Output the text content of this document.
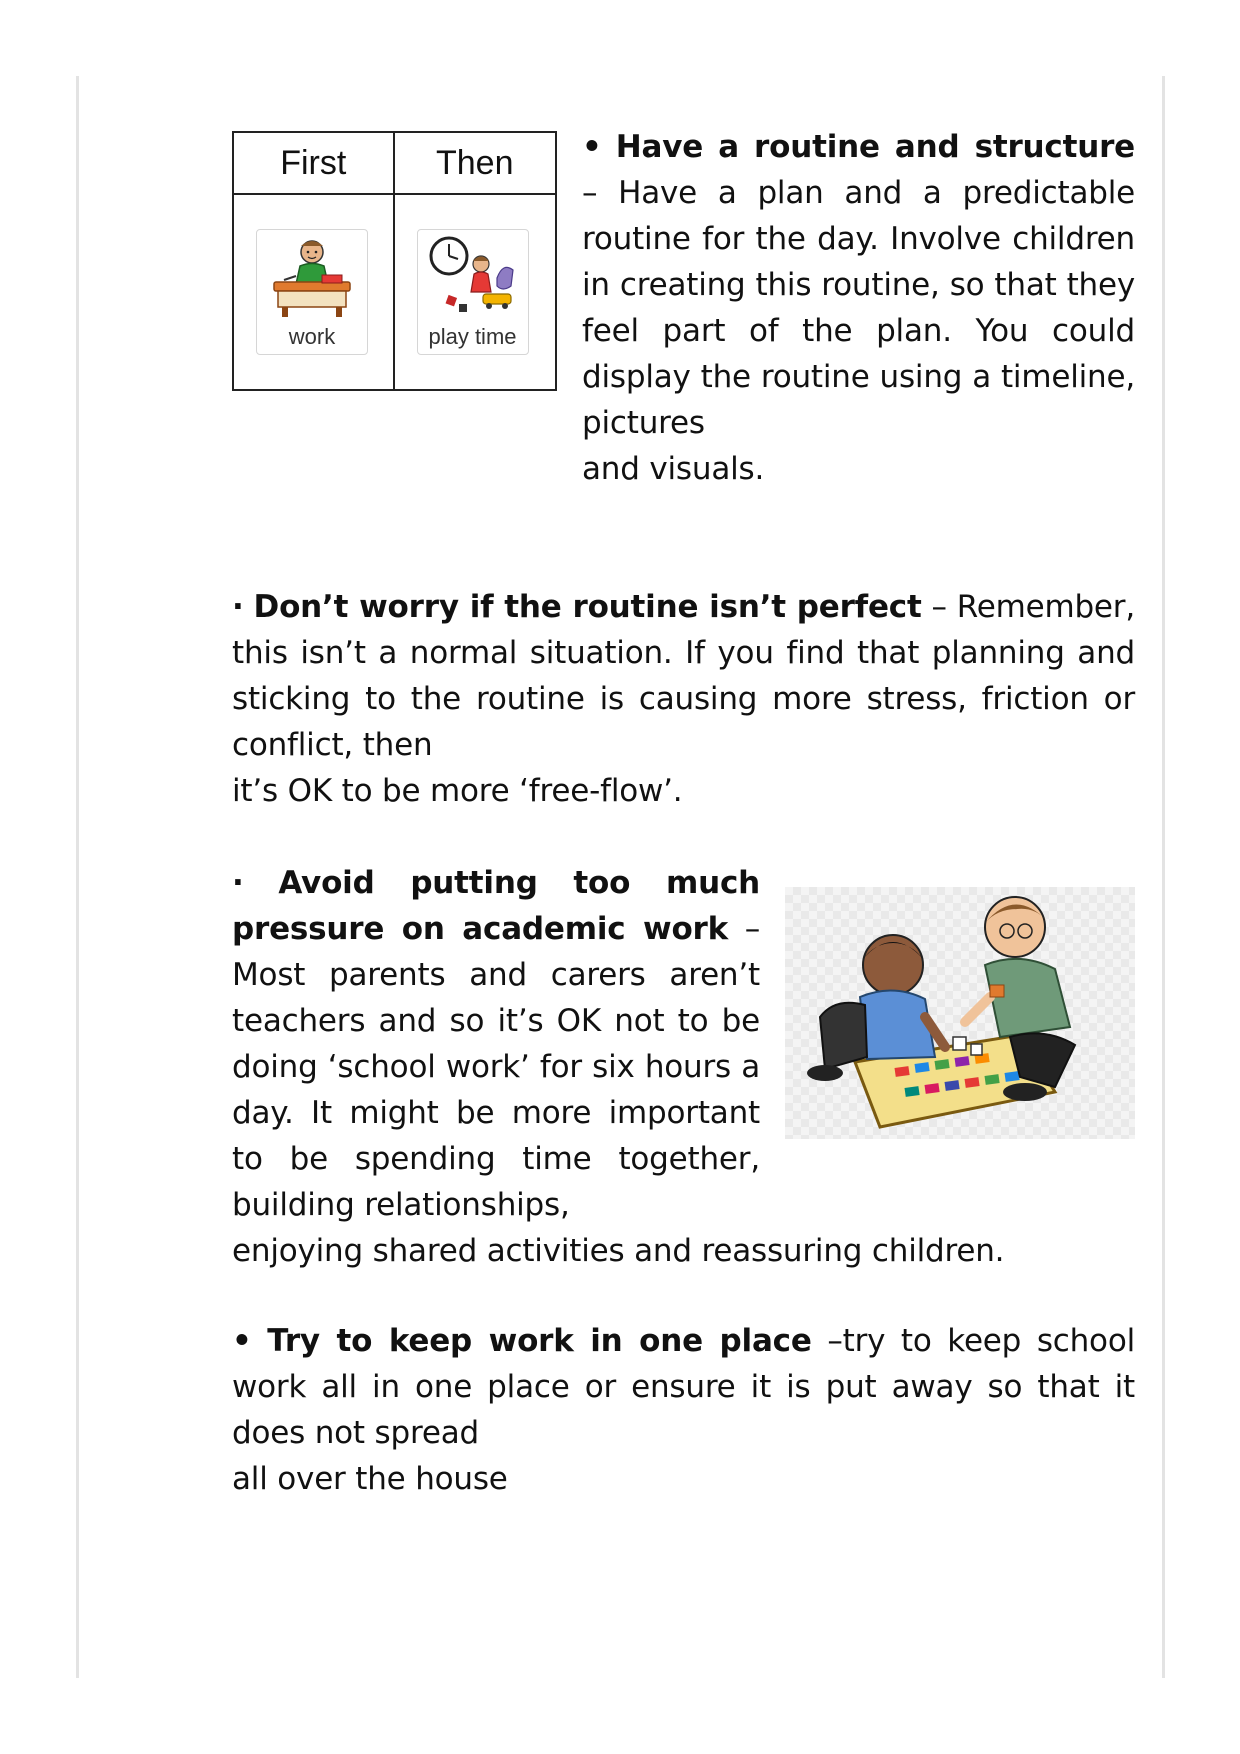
First	Then
work	play time
• Have a routine and structure – Have a plan and a predictable routine for the day. Involve children in creating this routine, so that they feel part of the plan. You could display the routine using a timeline, pictures
and visuals.
· Don’t worry if the routine isn’t perfect – Remember, this isn’t a normal situation. If you find that planning and sticking to the routine is causing more stress, friction or conflict, then
it’s OK to be more ‘free-flow’.
· Avoid putting too much pressure on academic work – Most parents and carers aren’t teachers and so it’s OK not to be doing ‘school work’ for six hours a day. It might be more important to be spending time together, building relationships,
enjoying shared activities and reassuring children.
• Try to keep work in one place –try to keep school work all in one place or ensure it is put away so that it does not spread
all over the house
